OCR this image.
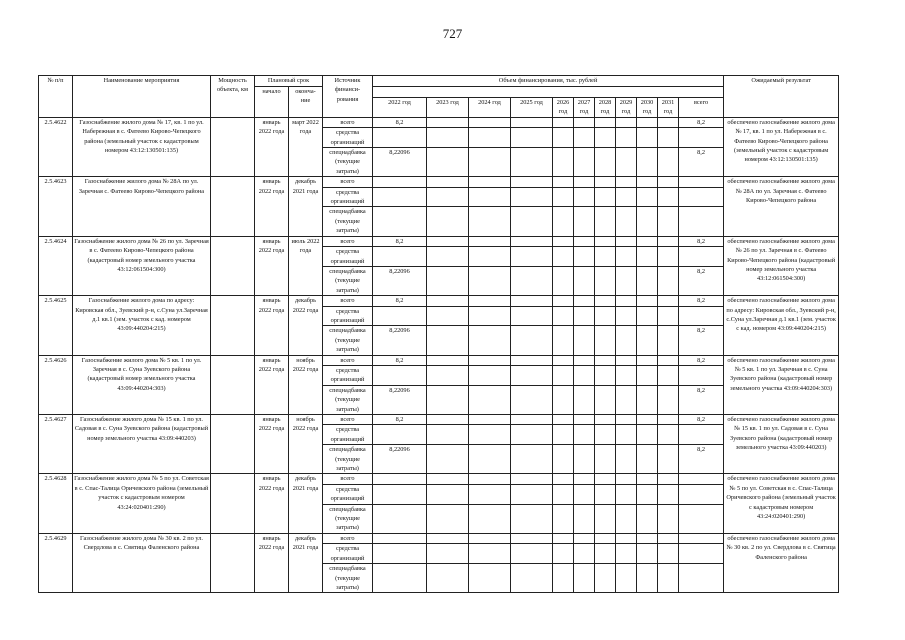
727
№ п/п	Наименование мероприятия	Мощность объекта, км	Плановый срок		Источник финанси- рования	Объем финансирования, тыс. рублей											Ожидаемый результат
			начало	оконча- ние													
						2022 год	2023 год	2024 год	2025 год	2026 год	2027 год	2028 год	2029 год	2030 год	2031 год	всего	
2.5.4622	Газоснабжение жилого дома № 17, кв. 1 по ул. Набережная в с. Фатеево Кирово-Чепецкого района (земельный участок с кадастровым номером 43:12:130501:135)		январь 2022 года	март 2022 года	всего	8,2										8,2	обеспечено газоснабжение жилого дома № 17, кв. 1 по ул. Набережная в с. Фатеево Кирово-Чепецкого района (земельный участок с кадастровым номером 43:12:130501:135)
					средства организаций												
					спецнадбавка (текущие затраты)	8,22096										8,2	
2.5.4623	Газоснабжение жилого дома № 28А по ул. Заречная с. Фатеево Кирово-Чепецкого района		январь 2022 года	декабрь 2021 года	всего												обеспечено газоснабжение жилого дома № 28А по ул. Заречная с. Фатеево Кирово-Чепецкого района
					средства организаций												
					спецнадбавка (текущие затраты)												
2.5.4624	Газоснабжение жилого дома № 26 по ул. Заречная в с. Фатеево Кирово-Чепецкого района (кадастровый номер земельного участка 43:12:061504:300)		январь 2022 года	июль 2022 года	всего	8,2										8,2	обеспечено газоснабжение жилого дома № 26 по ул. Заречная в с. Фатеево Кирово-Чепецкого района (кадастровый номер земельного участка 43:12:061504:300)
					средства организаций												
					спецнадбавка (текущие затраты)	8,22096										8,2	
2.5.4625	Газоснабжение жилого дома по адресу: Кировская обл., Зуевский р-н, с.Суна ул.Заречная д.1 кв.1 (зем. участок с кад. номером 43:09:440204:215)		январь 2022 года	декабрь 2022 года	всего	8,2										8,2	обеспечено газоснабжение жилого дома по адресу: Кировская обл., Зуевский р-н, с.Суна ул.Заречная д.1 кв.1 (зем. участок с кад. номером 43:09:440204:215)
					средства организаций												
					спецнадбавка (текущие затраты)	8,22096										8,2	
2.5.4626	Газоснабжение жилого дома № 5 кв. 1 по ул. Заречная в с. Суна Зуевского района (кадастровый номер земельного участка 43:09:440204:303)		январь 2022 года	ноябрь 2022 года	всего	8,2										8,2	обеспечено газоснабжение жилого дома № 5 кв. 1 по ул. Заречная в с. Суна Зуевского района (кадастровый номер земельного участка 43:09:440204:303)
					средства организаций												
					спецнадбавка (текущие затраты)	8,22096										8,2	
2.5.4627	Газоснабжение жилого дома № 15 кв. 1 по ул. Садовая в с. Суна Зуевского района (кадастровый номер земельного участка 43:09:440203)		январь 2022 года	ноябрь 2022 года	всего	8,2										8,2	обеспечено газоснабжение жилого дома № 15 кв. 1 по ул. Садовая в с. Суна Зуевского района (кадастровый номер земельного участка 43:09:440203)
					средства организаций												
					спецнадбавка (текущие затраты)	8,22096										8,2	
2.5.4628	Газоснабжение жилого дома № 5 по ул. Советская в с. Спас-Талица Оричевского района (земельный участок с кадастровым номером 43:24:020401:290)		январь 2022 года	декабрь 2021 года	всего												обеспечено газоснабжение жилого дома № 5 по ул. Советская в с. Спас-Талица Оричевского района (земельный участок с кадастровым номером 43:24:020401:290)
					средства организаций												
					спецнадбавка (текущие затраты)												
2.5.4629	Газоснабжение жилого дома № 30 кв. 2 по ул. Свердлова в с. Святица Фаленского района		январь 2022 года	декабрь 2021 года	всего												обеспечено газоснабжение жилого дома № 30 кв. 2 по ул. Свердлова в с. Святица Фаленского района
					средства организаций												
					спецнадбавка (текущие затраты)												
